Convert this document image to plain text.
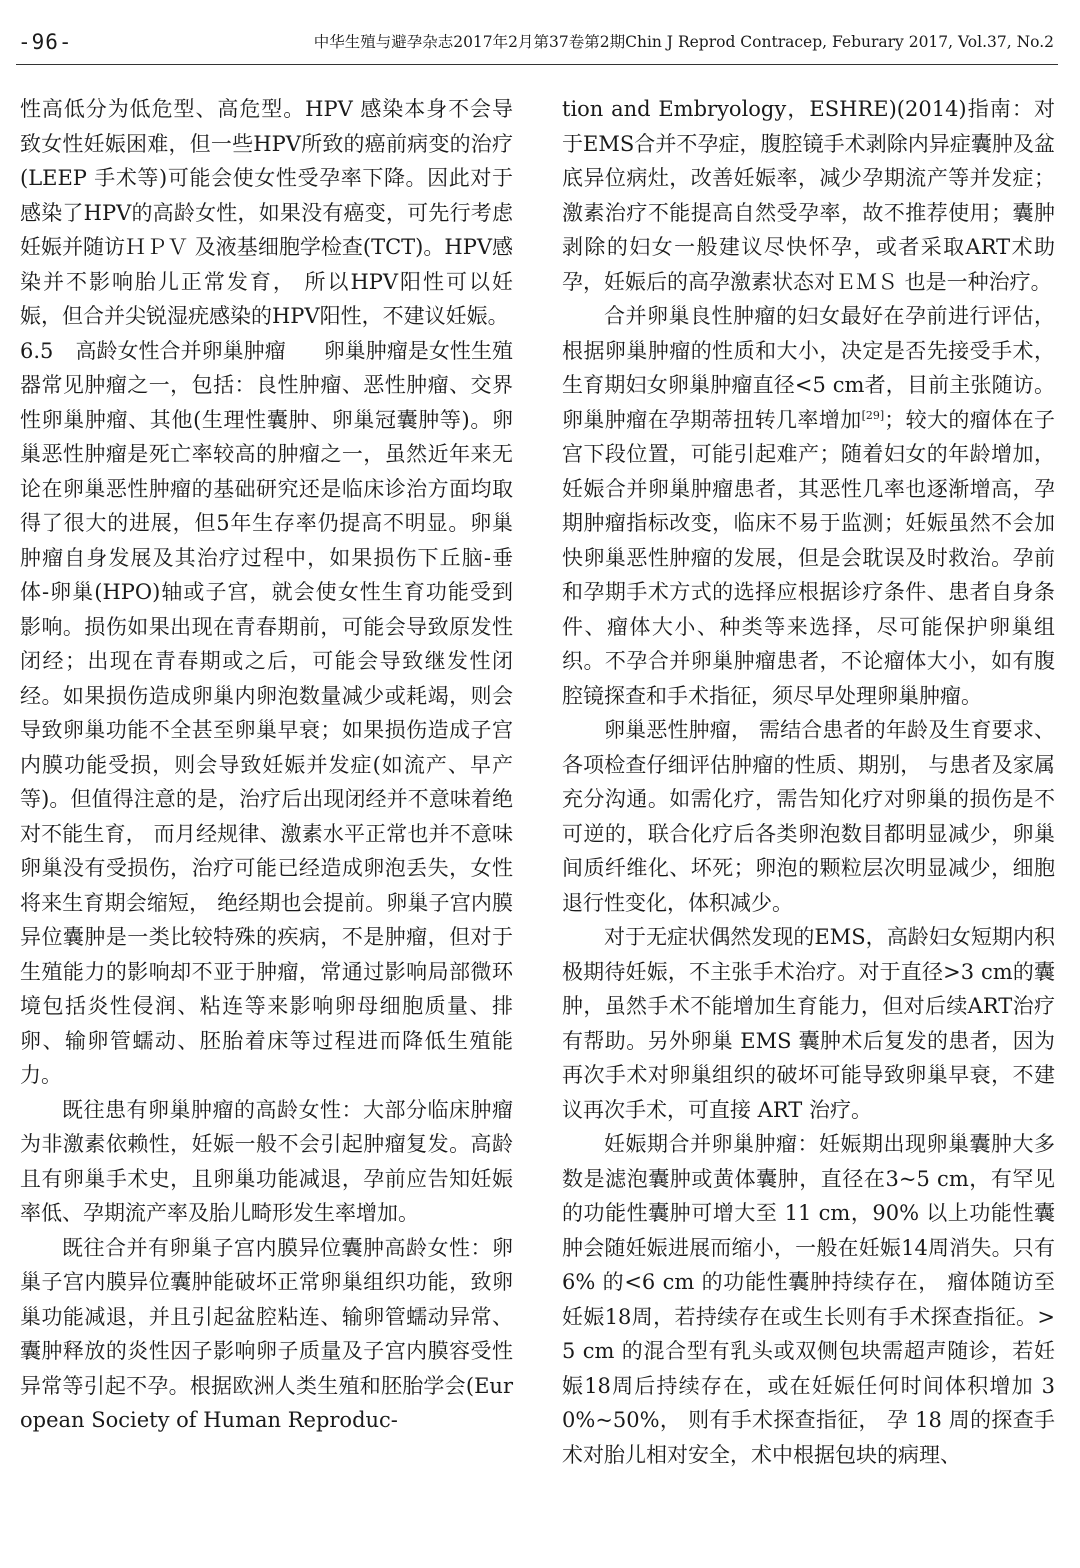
-96-	中华生殖与避孕杂志2017年2月第37卷第2期Chin J Reprod Contracep, Feburary 2017, Vol.37, No.2

性高低分为低危型、高危型。HPV 感染本身不会导致女性妊娠困难，但一些HPV所致的癌前病变的治疗(LEEP 手术等)可能会使女性受孕率下降。因此对于感染了HPV的高龄女性，如果没有癌变，可先行考虑妊娠并随访ＨＰＶ 及液基细胞学检查(TCT)。HPV感染并不影响胎儿正常发育， 所以HPV阳性可以妊娠，但合并尖锐湿疣感染的HPV阳性，不建议妊娠。

6.5 高龄女性合并卵巢肿瘤 卵巢肿瘤是女性生殖器常见肿瘤之一，包括：良性肿瘤、恶性肿瘤、交界性卵巢肿瘤、其他(生理性囊肿、卵巢冠囊肿等)。卵巢恶性肿瘤是死亡率较高的肿瘤之一，虽然近年来无论在卵巢恶性肿瘤的基础研究还是临床诊治方面均取得了很大的进展，但5年生存率仍提高不明显。卵巢肿瘤自身发展及其治疗过程中，如果损伤下丘脑-垂体-卵巢(HPO)轴或子宫，就会使女性生育功能受到影响。损伤如果出现在青春期前，可能会导致原发性闭经；出现在青春期或之后，可能会导致继发性闭经。如果损伤造成卵巢内卵泡数量减少或耗竭，则会导致卵巢功能不全甚至卵巢早衰；如果损伤造成子宫内膜功能受损，则会导致妊娠并发症(如流产、早产等)。但值得注意的是，治疗后出现闭经并不意味着绝对不能生育， 而月经规律、激素水平正常也并不意味卵巢没有受损伤，治疗可能已经造成卵泡丢失，女性将来生育期会缩短， 绝经期也会提前。卵巢子宫内膜异位囊肿是一类比较特殊的疾病，不是肿瘤，但对于生殖能力的影响却不亚于肿瘤，常通过影响局部微环境包括炎性侵润、粘连等来影响卵母细胞质量、排卵、输卵管蠕动、胚胎着床等过程进而降低生殖能力。

既往患有卵巢肿瘤的高龄女性：大部分临床肿瘤为非激素依赖性，妊娠一般不会引起肿瘤复发。高龄且有卵巢手术史，且卵巢功能减退，孕前应告知妊娠率低、孕期流产率及胎儿畸形发生率增加。

既往合并有卵巢子宫内膜异位囊肿高龄女性：卵巢子宫内膜异位囊肿能破坏正常卵巢组织功能，致卵巢功能减退，并且引起盆腔粘连、输卵管蠕动异常、囊肿释放的炎性因子影响卵子质量及子宫内膜容受性异常等引起不孕。根据欧洲人类生殖和胚胎学会(European Society of Human Reproduc-

tion and Embryology，ESHRE)(2014)指南：对于EMS合并不孕症，腹腔镜手术剥除内异症囊肿及盆底异位病灶，改善妊娠率，减少孕期流产等并发症；激素治疗不能提高自然受孕率，故不推荐使用；囊肿剥除的妇女一般建议尽快怀孕，或者采取ART术助孕，妊娠后的高孕激素状态对ＥＭＳ 也是一种治疗。

合并卵巢良性肿瘤的妇女最好在孕前进行评估，根据卵巢肿瘤的性质和大小，决定是否先接受手术，生育期妇女卵巢肿瘤直径<5 cm者，目前主张随访。卵巢肿瘤在孕期蒂扭转几率增加[29]；较大的瘤体在子宫下段位置，可能引起难产；随着妇女的年龄增加，妊娠合并卵巢肿瘤患者，其恶性几率也逐渐增高，孕期肿瘤指标改变，临床不易于监测；妊娠虽然不会加快卵巢恶性肿瘤的发展，但是会耽误及时救治。孕前和孕期手术方式的选择应根据诊疗条件、患者自身条件、瘤体大小、种类等来选择，尽可能保护卵巢组织。不孕合并卵巢肿瘤患者，不论瘤体大小，如有腹腔镜探查和手术指征，须尽早处理卵巢肿瘤。

卵巢恶性肿瘤， 需结合患者的年龄及生育要求、各项检查仔细评估肿瘤的性质、期别， 与患者及家属充分沟通。如需化疗，需告知化疗对卵巢的损伤是不可逆的，联合化疗后各类卵泡数目都明显减少，卵巢间质纤维化、坏死；卵泡的颗粒层次明显减少，细胞退行性变化，体积减少。

对于无症状偶然发现的EMS，高龄妇女短期内积极期待妊娠，不主张手术治疗。对于直径>3 cm的囊肿，虽然手术不能增加生育能力，但对后续ART治疗有帮助。另外卵巢 EMS 囊肿术后复发的患者，因为再次手术对卵巢组织的破坏可能导致卵巢早衰，不建议再次手术，可直接 ART 治疗。

妊娠期合并卵巢肿瘤：妊娠期出现卵巢囊肿大多数是滤泡囊肿或黄体囊肿，直径在3~5 cm，有罕见的功能性囊肿可增大至 11 cm，90% 以上功能性囊肿会随妊娠进展而缩小，一般在妊娠14周消失。只有 6% 的<6 cm 的功能性囊肿持续存在， 瘤体随访至妊娠18周，若持续存在或生长则有手术探查指征。>5 cm 的混合型有乳头或双侧包块需超声随诊，若妊娠18周后持续存在，或在妊娠任何时间体积增加 30%~50%， 则有手术探查指征， 孕 18 周的探查手术对胎儿相对安全，术中根据包块的病理、
